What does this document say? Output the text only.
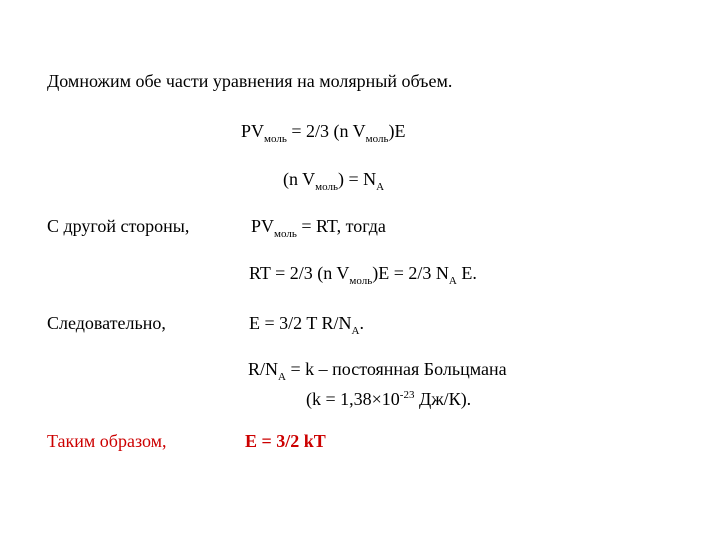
Домножим обе части уравнения на молярный объем.
$PV_{моль} = 2/3$ (n $V_{моль})E$
(n $V_{моль}) = N_A$
С другой стороны,	$PV_{моль}$ = RT, тогда
RT = 2/3 (n $V_{моль})E = 2/3$ $N_A$ E.
Следовательно,	E = 3/2 T $R/N_A$.
$R/N_A = k$ – постоянная Больцмана
($k = 1,38\times 10^{-23}$ Дж/К).
Таким образом,	E = 3/2 kT
